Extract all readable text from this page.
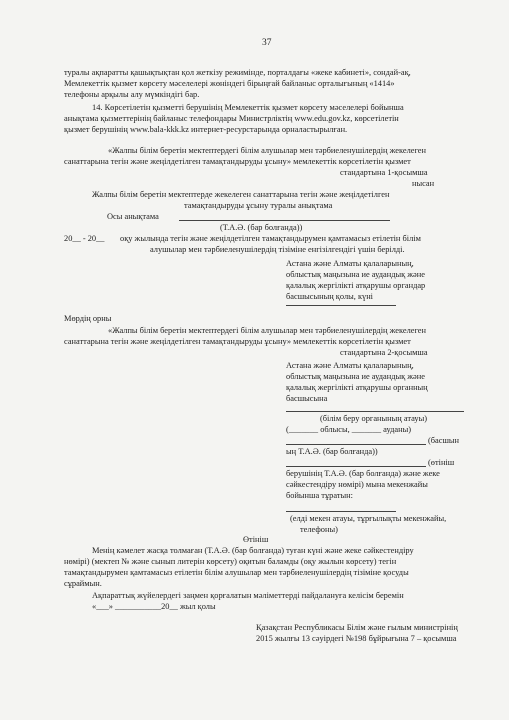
37
туралы ақпаратты қашықтықтан қол жеткізу режимінде, порталдағы «жеке кабинеті», сондай-ақ,
Мемлекеттік қызмет көрсету мәселелері жөніндегі бірыңғай байланыс орталығының «1414»
телефоны арқылы алу мүмкіндігі бар.
14. Көрсетілетін қызметті берушінің Мемлекеттік қызмет көрсету мәселелері бойынша
анықтама қызметтерінің байланыс телефондары Министрліктің www.edu.gov.kz, көрсетілетін
қызмет берушінің www.bala-kkk.kz интернет-ресурстарында орналастырылған.
«Жалпы білім беретін мектептердегі білім алушылар мен тәрбиеленушілердің жекелеген
санаттарына тегін және жеңілдетілген тамақтандыруды ұсыну» мемлекеттік көрсетілетін қызмет
стандартына 1-қосымша
нысан
Жалпы білім беретін мектептерде жекелеген санаттарына тегін және жеңілдетілген
тамақтандыруды ұсыну туралы анықтама
Осы анықтама
(Т.А.Ә. (бар болғанда))
20__ - 20__ оқу жылында тегін және жеңілдетілген тамақтандырумен қамтамасыз етілетін білім
алушылар мен тәрбиеленушілердің тізіміне енгізілгендігі үшін берілді.
Астана және Алматы қалаларының,
облыстық маңызына ие аудандық және
қалалық жергілікті атқарушы органдар
басшысының қолы, күні
Мөрдің орны
«Жалпы білім беретін мектептердегі білім алушылар мен тәрбиеленушілердің жекелеген
санаттарына тегін және жеңілдетілген тамақтандыруды ұсыну» мемлекеттік көрсетілетін қызмет
стандартына 2-қосымша
Астана және Алматы қалаларының,
облыстық маңызына ие аудандық және
қалалық жергілікті атқарушы органның
басшысына
(білім беру органының атауы)
(_______ облысы, _______ ауданы)
(басшын
ың Т.А.Ә. (бар болғанда))
(өтініш
берушінің Т.А.Ә. (бар болғанда) және жеке
сәйкестендіру нөмірі) мына мекенжайы
бойынша тұратын:
(елді мекен атауы, тұрғылықты мекенжайы,
телефоны)
Өтініш
Менің кәмелет жасқа толмаған (Т.А.Ә. (бар болғанда) туған күні және жеке сәйкестендіру
нөмірі) (мектеп № және сынып литерін көрсету) оқитын баламды (оқу жылын көрсету) тегін
тамақтандырумен қамтамасыз етілетін білім алушылар мен тәрбиеленушілердің тізіміне қосуды
сұраймын.
Ақпараттық жүйелердегі заңмен қорғалатын мәліметтерді пайдалануға келісім беремін
«___» ___________20__ жыл қолы
Қазақстан Республикасы Білім және ғылым министрінің
2015 жылғы 13 сәуірдегі №198 бұйрығына 7 – қосымша
